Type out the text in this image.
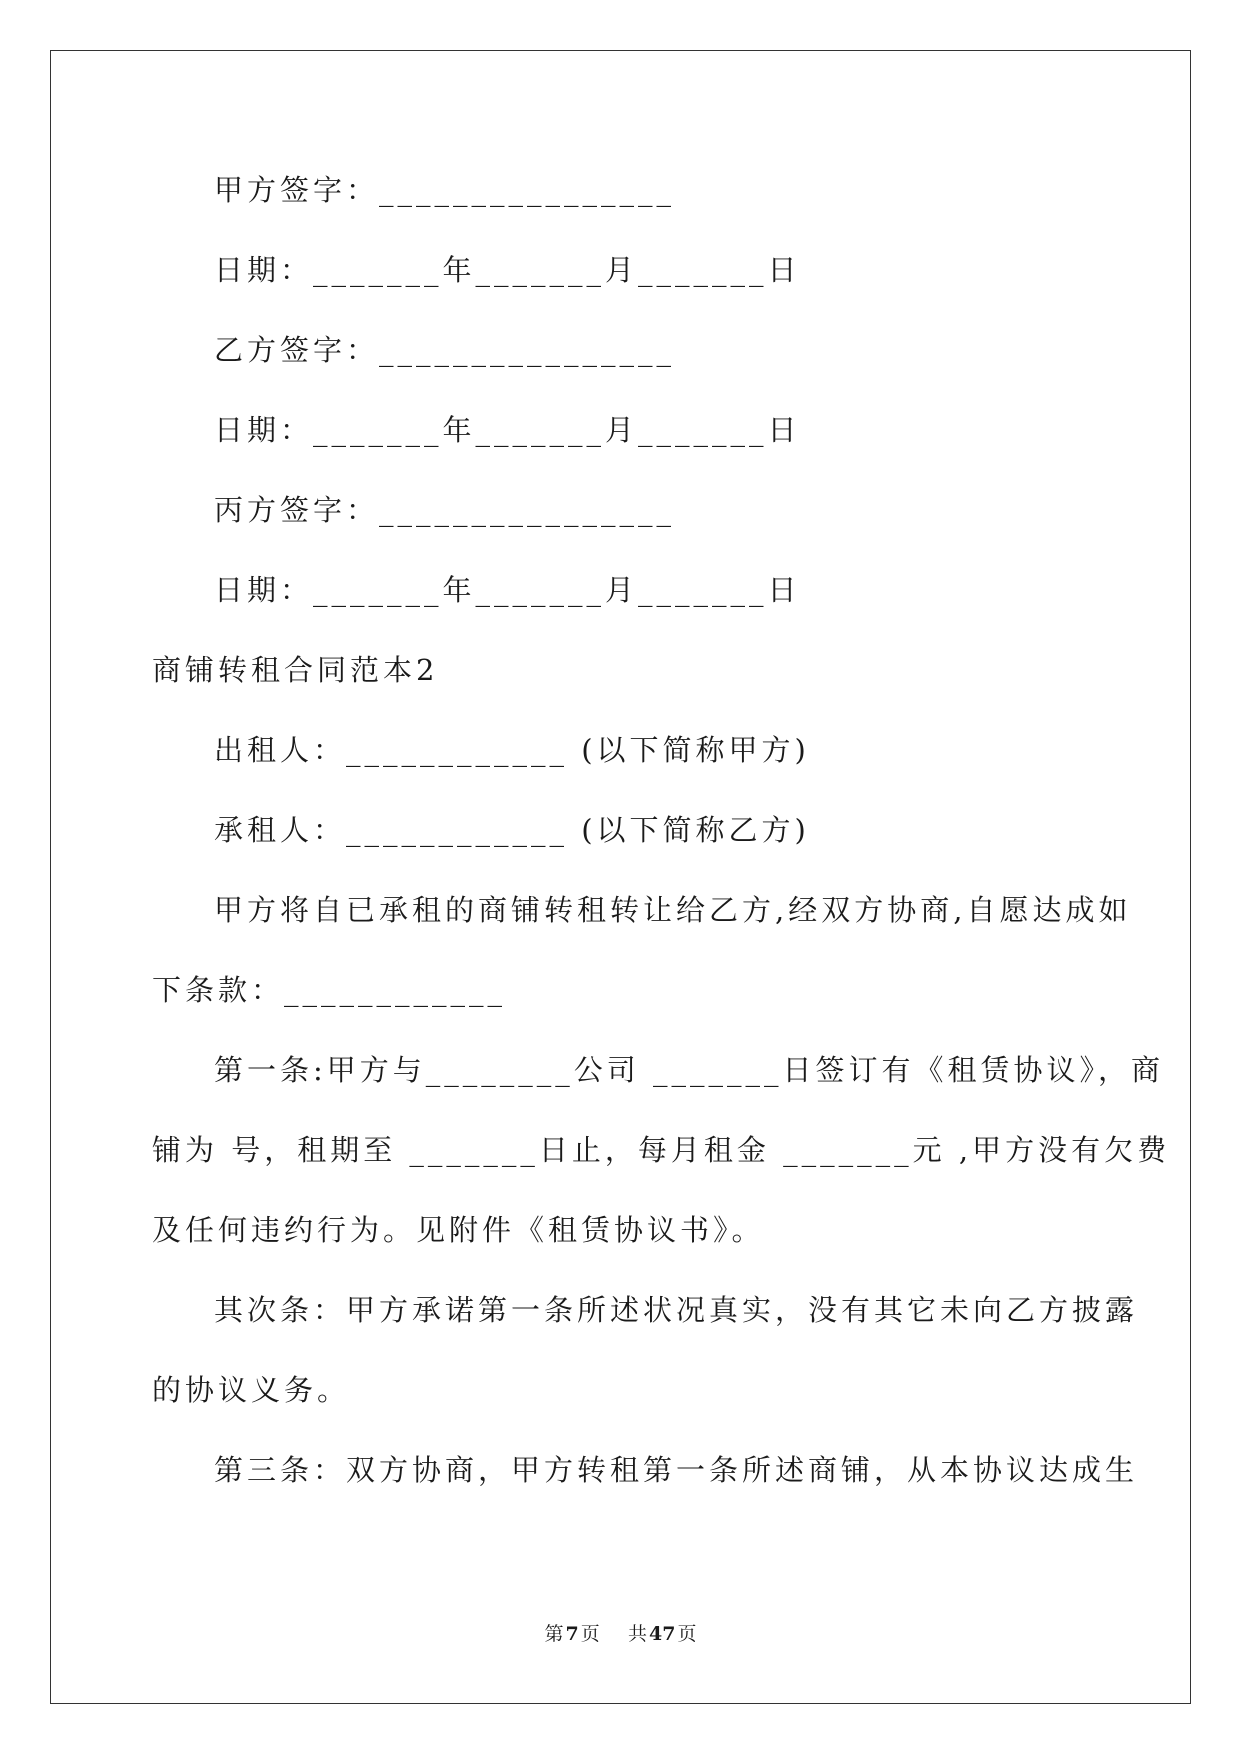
甲方签字：________________
日期：_______年_______月_______日
乙方签字：________________
日期：_______年_______月_______日
丙方签字：________________
日期：_______年_______月_______日
商铺转租合同范本2
出租人：____________ (以下简称甲方)
承租人：____________ (以下简称乙方)
甲方将自已承租的商铺转租转让给乙方,经双方协商,自愿达成如
下条款：____________
第一条:甲方与________公司 _______日签订有《租赁协议》，商
铺为 号，租期至 _______日止，每月租金 _______元 ,甲方没有欠费
及任何违约行为。见附件《租赁协议书》。
其次条：甲方承诺第一条所述状况真实，没有其它未向乙方披露
的协议义务。
第三条：双方协商，甲方转租第一条所述商铺，从本协议达成生
第 7 页 共 47 页
